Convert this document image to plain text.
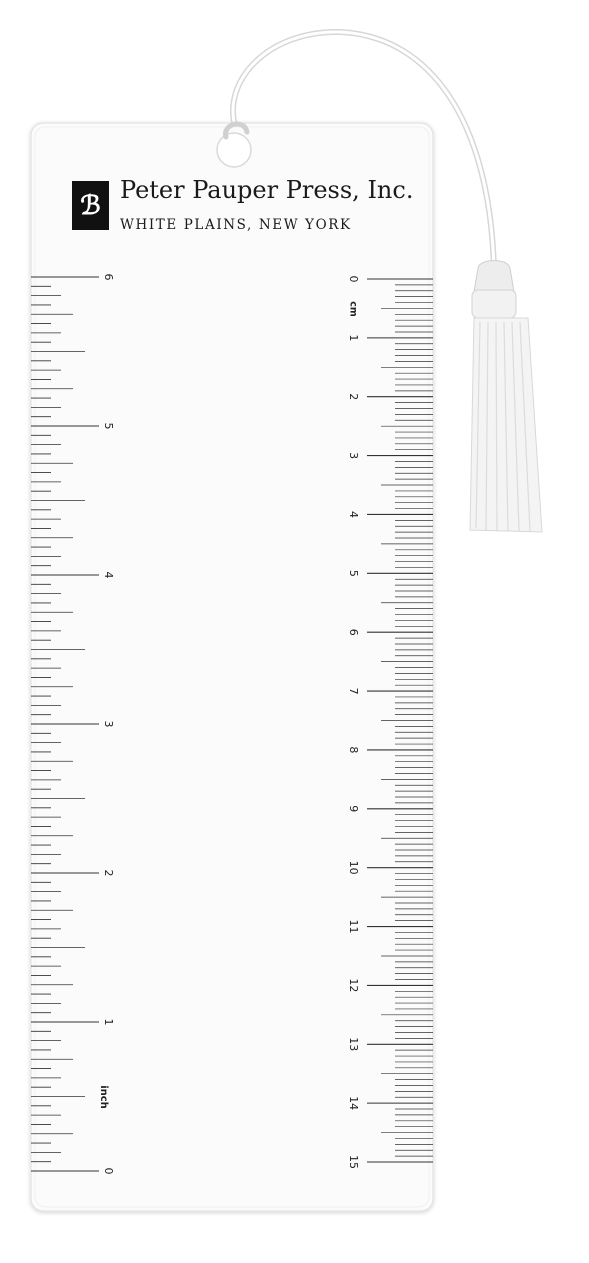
0
1
2
3
4
5
6
inch
0
1
2
3
4
5
6
7
8
9
10
11
12
13
14
15
cm
ℬ
Peter Pauper Press, Inc.
WHITE PLAINS, NEW YORK
